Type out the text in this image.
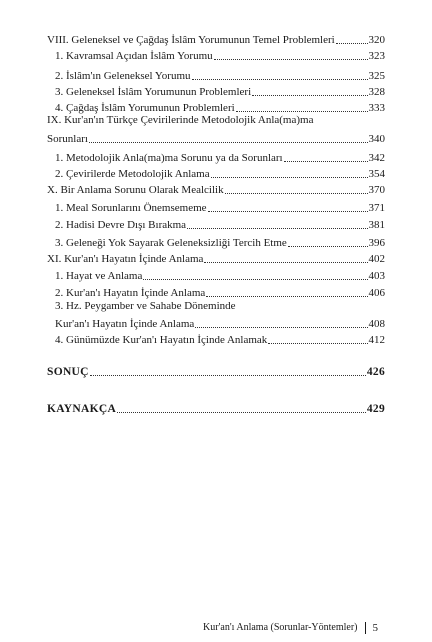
VIII. Geleneksel ve Çağdaş İslâm Yorumunun Temel Problemleri	320
1. Kavramsal Açıdan İslâm Yorumu	323
2. İslâm'ın Geleneksel Yorumu	325
3. Geleneksel İslâm Yorumunun Problemleri	328
4. Çağdaş İslâm Yorumunun Problemleri	333
IX. Kur'an'ın Türkçe Çevirilerinde Metodolojik Anla(ma)ma
Sorunları	340
1. Metodolojik Anla(ma)ma Sorunu ya da Sorunları	342
2. Çevirilerde Metodolojik Anlama	354
X. Bir Anlama Sorunu Olarak Mealcilik	370
1. Meal Sorunlarını Önemsememe	371
2. Hadisi Devre Dışı Bırakma	381
3. Geleneği Yok Sayarak Geleneksizliği Tercih Etme	396
XI. Kur'an'ı Hayatın İçinde Anlama	402
1. Hayat ve Anlama	403
2. Kur'an'ı Hayatın İçinde Anlama	406
3. Hz. Peygamber ve Sahabe Döneminde
Kur'an'ı Hayatın İçinde Anlama	408
4. Günümüzde Kur'an'ı Hayatın İçinde Anlamak	412
SONUÇ	426
KAYNAKÇA	429
Kur'an'ı Anlama (Sorunlar-Yöntemler) 5
